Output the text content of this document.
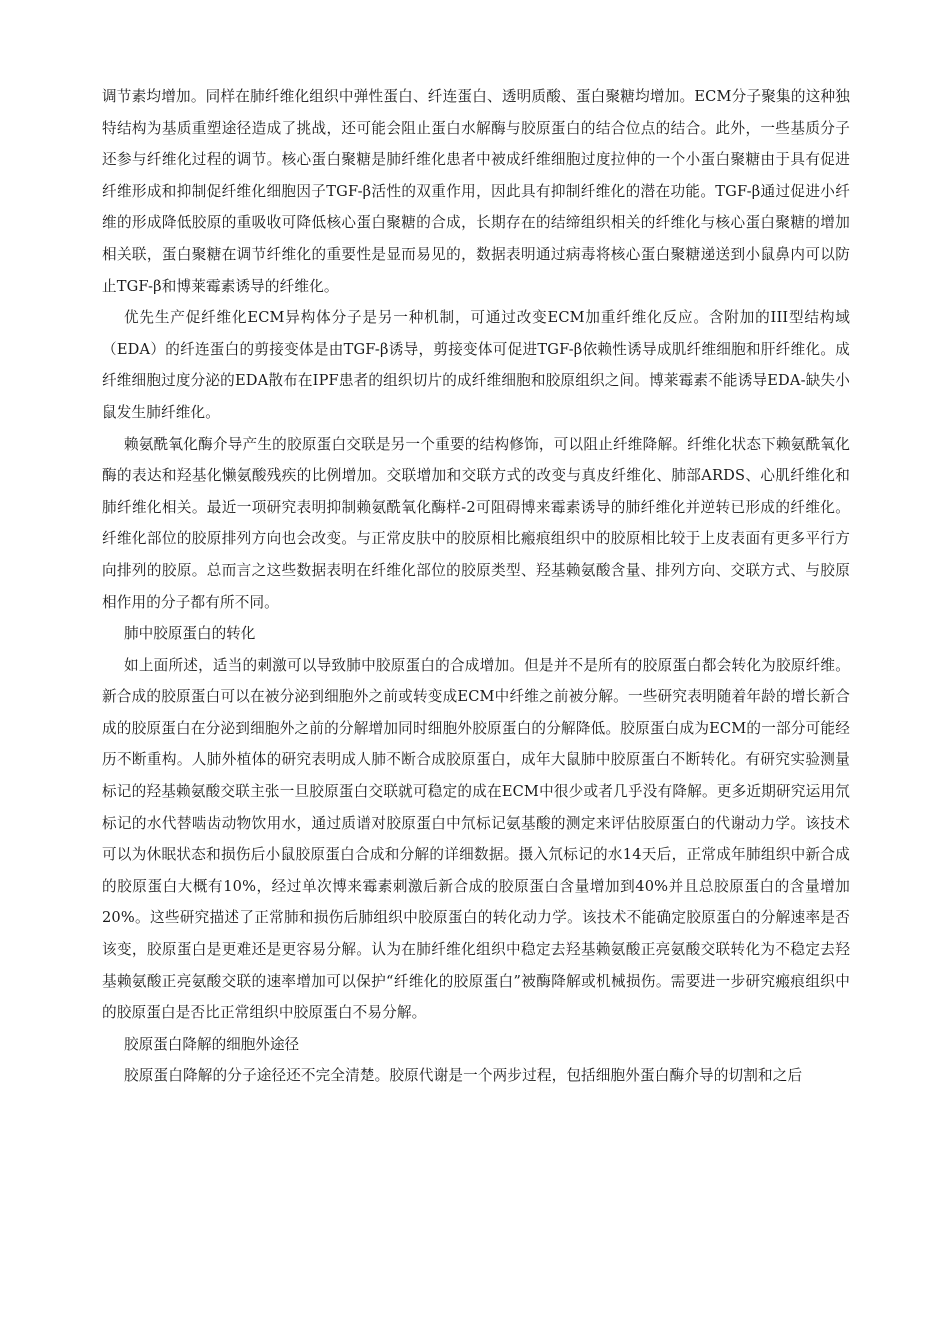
调节素均增加。同样在肺纤维化组织中弹性蛋白、纤连蛋白、透明质酸、蛋白聚糖均增加。ECM分子聚集的这种独特结构为基质重塑途径造成了挑战，还可能会阻止蛋白水解酶与胶原蛋白的结合位点的结合。此外，一些基质分子还参与纤维化过程的调节。核心蛋白聚糖是肺纤维化患者中被成纤维细胞过度拉伸的一个小蛋白聚糖由于具有促进纤维形成和抑制促纤维化细胞因子TGF-β活性的双重作用，因此具有抑制纤维化的潜在功能。TGF-β通过促进小纤维的形成降低胶原的重吸收可降低核心蛋白聚糖的合成，长期存在的结缔组织相关的纤维化与核心蛋白聚糖的增加相关联，蛋白聚糖在调节纤维化的重要性是显而易见的，数据表明通过病毒将核心蛋白聚糖递送到小鼠鼻内可以防止TGF-β和博莱霉素诱导的纤维化。

优先生产促纤维化ECM异构体分子是另一种机制，可通过改变ECM加重纤维化反应。含附加的III型结构域（EDA）的纤连蛋白的剪接变体是由TGF-β诱导，剪接变体可促进TGF-β依赖性诱导成肌纤维细胞和肝纤维化。成纤维细胞过度分泌的EDA散布在IPF患者的组织切片的成纤维细胞和胶原组织之间。博莱霉素不能诱导EDA-缺失小鼠发生肺纤维化。

赖氨酰氧化酶介导产生的胶原蛋白交联是另一个重要的结构修饰，可以阻止纤维降解。纤维化状态下赖氨酰氧化酶的表达和羟基化懒氨酸残疾的比例增加。交联增加和交联方式的改变与真皮纤维化、肺部ARDS、心肌纤维化和肺纤维化相关。最近一项研究表明抑制赖氨酰氧化酶样-2可阻碍博来霉素诱导的肺纤维化并逆转已形成的纤维化。纤维化部位的胶原排列方向也会改变。与正常皮肤中的胶原相比瘢痕组织中的胶原相比较于上皮表面有更多平行方向排列的胶原。总而言之这些数据表明在纤维化部位的胶原类型、羟基赖氨酸含量、排列方向、交联方式、与胶原相作用的分子都有所不同。

肺中胶原蛋白的转化

如上面所述，适当的刺激可以导致肺中胶原蛋白的合成增加。但是并不是所有的胶原蛋白都会转化为胶原纤维。新合成的胶原蛋白可以在被分泌到细胞外之前或转变成ECM中纤维之前被分解。一些研究表明随着年龄的增长新合成的胶原蛋白在分泌到细胞外之前的分解增加同时细胞外胶原蛋白的分解降低。胶原蛋白成为ECM的一部分可能经历不断重构。人肺外植体的研究表明成人肺不断合成胶原蛋白，成年大鼠肺中胶原蛋白不断转化。有研究实验测量标记的羟基赖氨酸交联主张一旦胶原蛋白交联就可稳定的成在ECM中很少或者几乎没有降解。更多近期研究运用氘标记的水代替啮齿动物饮用水，通过质谱对胶原蛋白中氘标记氨基酸的测定来评估胶原蛋白的代谢动力学。该技术可以为休眠状态和损伤后小鼠胶原蛋白合成和分解的详细数据。摄入氘标记的水14天后，正常成年肺组织中新合成的胶原蛋白大概有10%，经过单次博来霉素刺激后新合成的胶原蛋白含量增加到40%并且总胶原蛋白的含量增加20%。这些研究描述了正常肺和损伤后肺组织中胶原蛋白的转化动力学。该技术不能确定胶原蛋白的分解速率是否该变，胶原蛋白是更难还是更容易分解。认为在肺纤维化组织中稳定去羟基赖氨酸正亮氨酸交联转化为不稳定去羟基赖氨酸正亮氨酸交联的速率增加可以保护“纤维化的胶原蛋白”被酶降解或机械损伤。需要进一步研究瘢痕组织中的胶原蛋白是否比正常组织中胶原蛋白不易分解。

胶原蛋白降解的细胞外途径

胶原蛋白降解的分子途径还不完全清楚。胶原代谢是一个两步过程，包括细胞外蛋白酶介导的切割和之后
